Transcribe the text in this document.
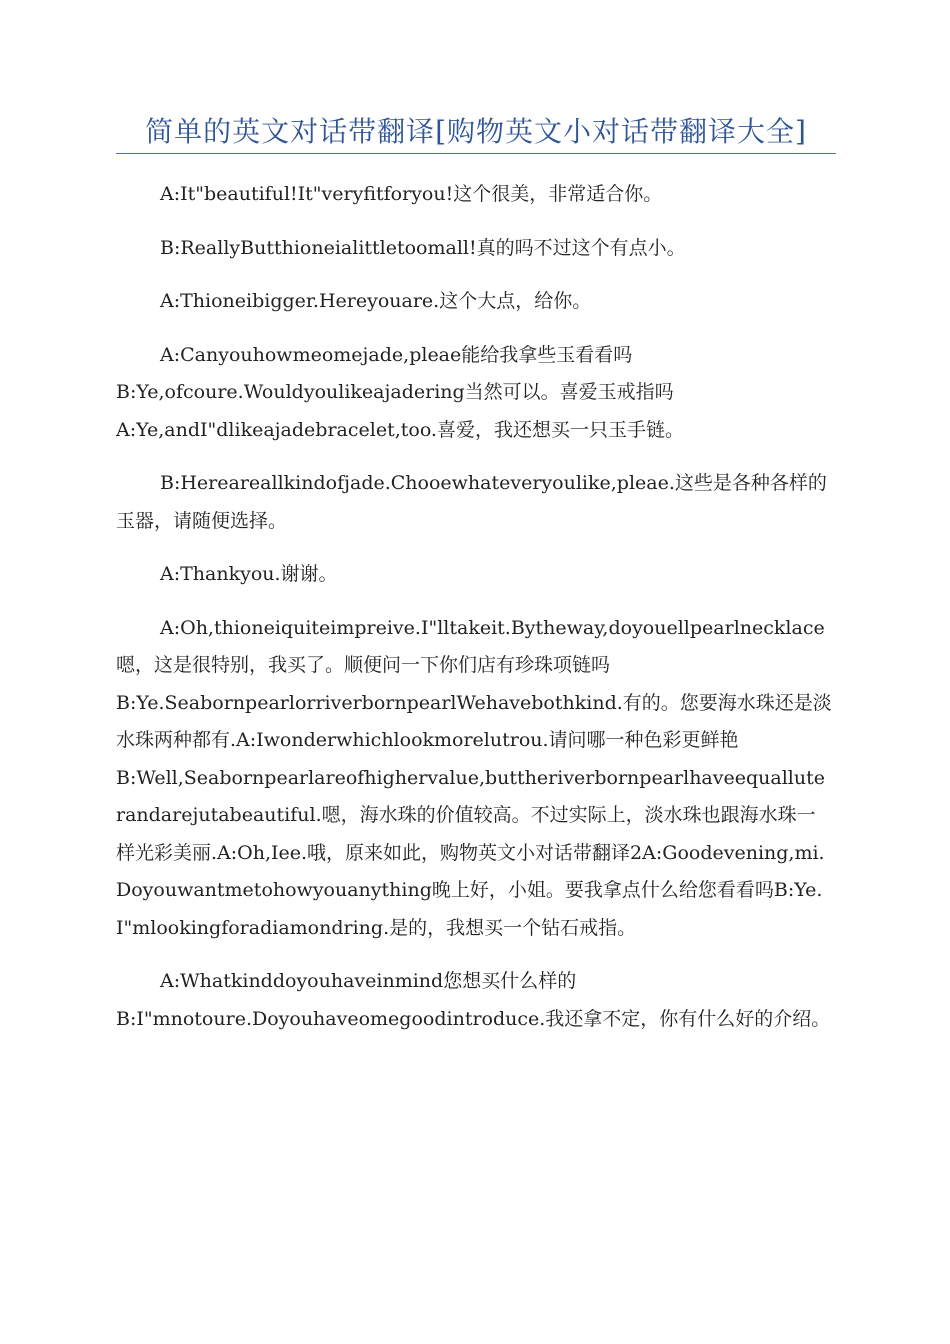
简单的英文对话带翻译[购物英文小对话带翻译大全]

A:It"beautiful!It"veryfitforyou!这个很美，非常适合你。

B:ReallyButthioneialittletoomall!真的吗不过这个有点小。

A:Thioneibigger.Hereyouare.这个大点，给你。

A:Canyouhowmeomejade,pleae能给我拿些玉看看吗

B:Ye,ofcoure.Wouldyoulikeajadering当然可以。喜爱玉戒指吗

A:Ye,andI"dlikeajadebracelet,too.喜爱，我还想买一只玉手链。

B:Hereareallkindofjade.Chooewhateveryoulike,pleae.这些是各种各样的玉器，请随便选择。

A:Thankyou.谢谢。

A:Oh,thioneiquiteimpreive.I"lltakeit.Bytheway,doyouellpearlnecklace嗯，这是很特别，我买了。顺便问一下你们店有珍珠项链吗

B:Ye.SeabornpearlorriverbornpearlWehavebothkind.有的。您要海水珠还是淡水珠两种都有.A:Iwonderwhichlookmorelutrou.请问哪一种色彩更鲜艳

B:Well,Seabornpearlareofhighervalue,buttheriverbornpearlhaveequalluterandarejutabeautiful.嗯，海水珠的价值较高。不过实际上，淡水珠也跟海水珠一样光彩美丽.A:Oh,Iee.哦，原来如此，购物英文小对话带翻译2A:Goodevening,mi.Doyouwantmetohowyouanything晚上好，小姐。要我拿点什么给您看看吗B:Ye.I"mlookingforadiamondring.是的，我想买一个钻石戒指。

A:Whatkinddoyouhaveinmind您想买什么样的

B:I"mnotoure.Doyouhaveomegoodintroduce.我还拿不定，你有什么好的介绍。
